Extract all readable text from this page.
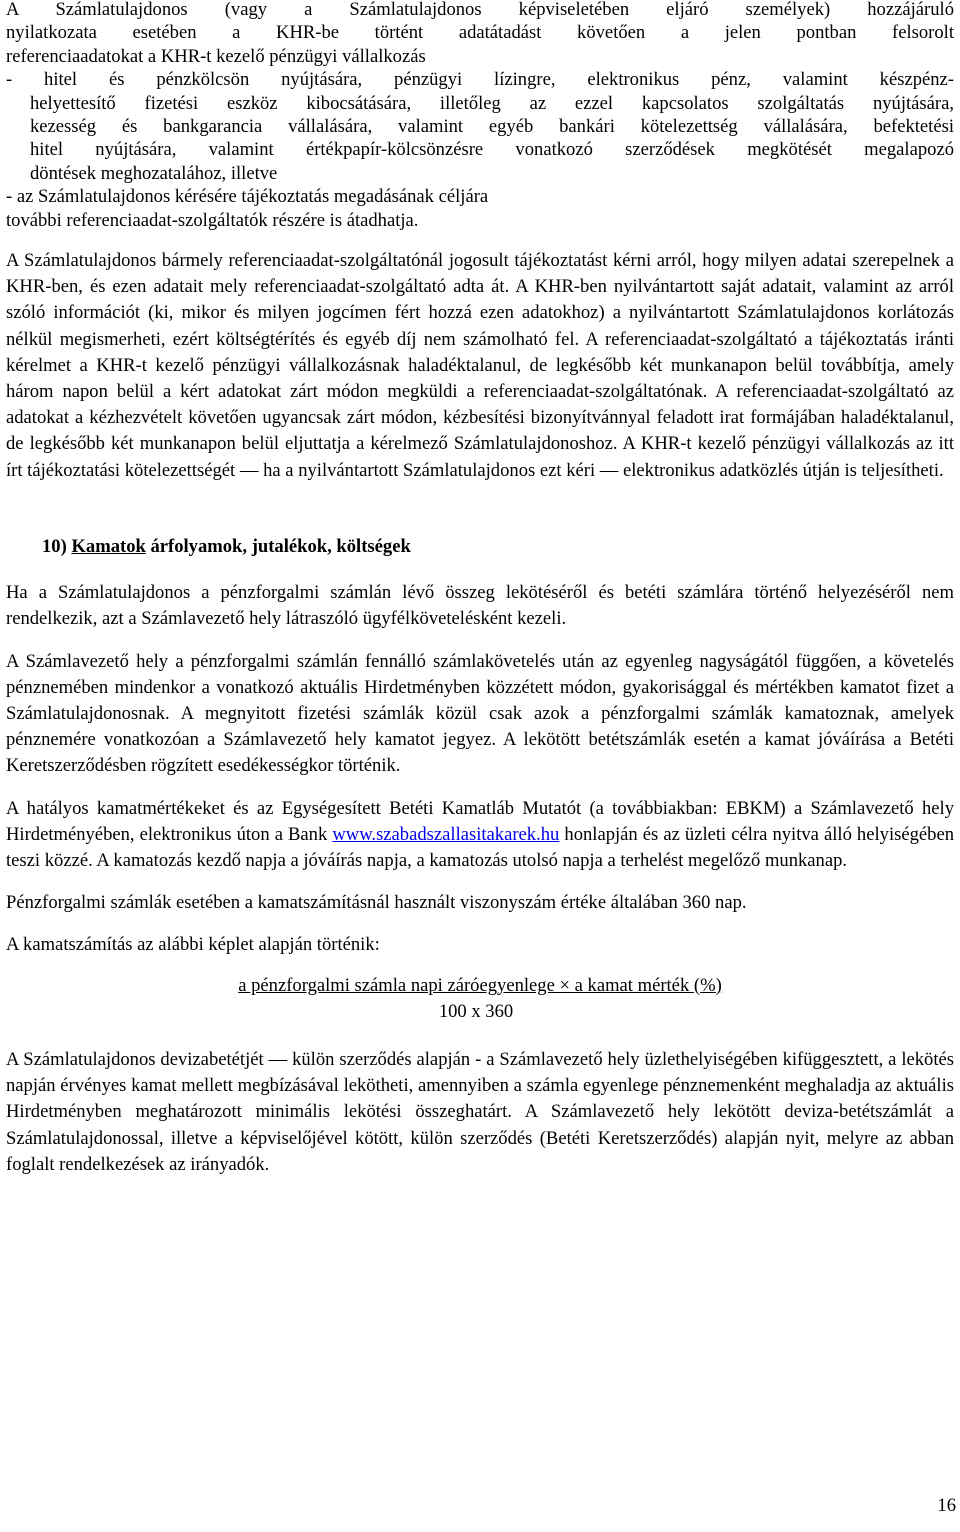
A Számlatulajdonos (vagy a Számlatulajdonos képviseletében eljáró személyek) hozzájáruló
nyilatkozata esetében a KHR-be történt adatátadást követően a jelen pontban felsorolt
referenciaadatokat a KHR-t kezelő pénzügyi vállalkozás
- hitel és pénzkölcsön nyújtására, pénzügyi lízingre, elektronikus pénz, valamint készpénz-
helyettesítő fizetési eszköz kibocsátására, illetőleg az ezzel kapcsolatos szolgáltatás nyújtására,
kezesség és bankgarancia vállalására, valamint egyéb bankári kötelezettség vállalására, befektetési
hitel nyújtására, valamint értékpapír-kölcsönzésre vonatkozó szerződések megkötését megalapozó
döntések meghozatalához, illetve
- az Számlatulajdonos kérésére tájékoztatás megadásának céljára
további referenciaadat-szolgáltatók részére is átadhatja.

A Számlatulajdonos bármely referenciaadat-szolgáltatónál jogosult tájékoztatást kérni arról, hogy milyen adatai szerepelnek a KHR-ben, és ezen adatait mely referenciaadat-szolgáltató adta át. A KHR-ben nyilvántartott saját adatait, valamint az arról szóló információt (ki, mikor és milyen jogcímen fért hozzá ezen adatokhoz) a nyilvántartott Számlatulajdonos korlátozás nélkül megismerheti, ezért költségtérítés és egyéb díj nem számolható fel. A referenciaadat-szolgáltató a tájékoztatás iránti kérelmet a KHR-t kezelő pénzügyi vállalkozásnak haladéktalanul, de legkésőbb két munkanapon belül továbbítja, amely három napon belül a kért adatokat zárt módon megküldi a referenciaadat-szolgáltatónak. A referenciaadat-szolgáltató az adatokat a kézhezvételt követően ugyancsak zárt módon, kézbesítési bizonyítvánnyal feladott irat formájában haladéktalanul, de legkésőbb két munkanapon belül eljuttatja a kérelmező Számlatulajdonoshoz. A KHR-t kezelő pénzügyi vállalkozás az itt írt tájékoztatási kötelezettségét — ha a nyilvántartott Számlatulajdonos ezt kéri — elektronikus adatközlés útján is teljesítheti.

10) Kamatok árfolyamok, jutalékok, költségek

Ha a Számlatulajdonos a pénzforgalmi számlán lévő összeg lekötéséről és betéti számlára történő helyezéséről nem rendelkezik, azt a Számlavezető hely látraszóló ügyfélkövetelésként kezeli.

A Számlavezető hely a pénzforgalmi számlán fennálló számlakövetelés után az egyenleg nagyságától függően, a követelés pénznemében mindenkor a vonatkozó aktuális Hirdetményben közzétett módon, gyakorisággal és mértékben kamatot fizet a Számlatulajdonosnak. A megnyitott fizetési számlák közül csak azok a pénzforgalmi számlák kamatoznak, amelyek pénznemére vonatkozóan a Számlavezető hely kamatot jegyez. A lekötött betétszámlák esetén a kamat jóváírása a Betéti Keretszerződésben rögzített esedékességkor történik.

A hatályos kamatmértékeket és az Egységesített Betéti Kamatláb Mutatót (a továbbiakban: EBKM) a Számlavezető hely Hirdetményében, elektronikus úton a Bank www.szabadszallasitakarek.hu honlapján és az üzleti célra nyitva álló helyiségében teszi közzé. A kamatozás kezdő napja a jóváírás napja, a kamatozás utolsó napja a terhelést megelőző munkanap.

Pénzforgalmi számlák esetében a kamatszámításnál használt viszonyszám értéke általában 360 nap.

A kamatszámítás az alábbi képlet alapján történik:

a pénzforgalmi számla napi záróegyenlege × a kamat mérték (%)
100 x 360

A Számlatulajdonos devizabetétjét — külön szerződés alapján - a Számlavezető hely üzlethelyiségében kifüggesztett, a lekötés napján érvényes kamat mellett megbízásával lekötheti, amennyiben a számla egyenlege pénznemenként meghaladja az aktuális Hirdetményben meghatározott minimális lekötési összeghatárt. A Számlavezető hely lekötött deviza-betétszámlát a Számlatulajdonossal, illetve a képviselőjével kötött, külön szerződés (Betéti Keretszerződés) alapján nyit, melyre az abban foglalt rendelkezések az irányadók.

16
